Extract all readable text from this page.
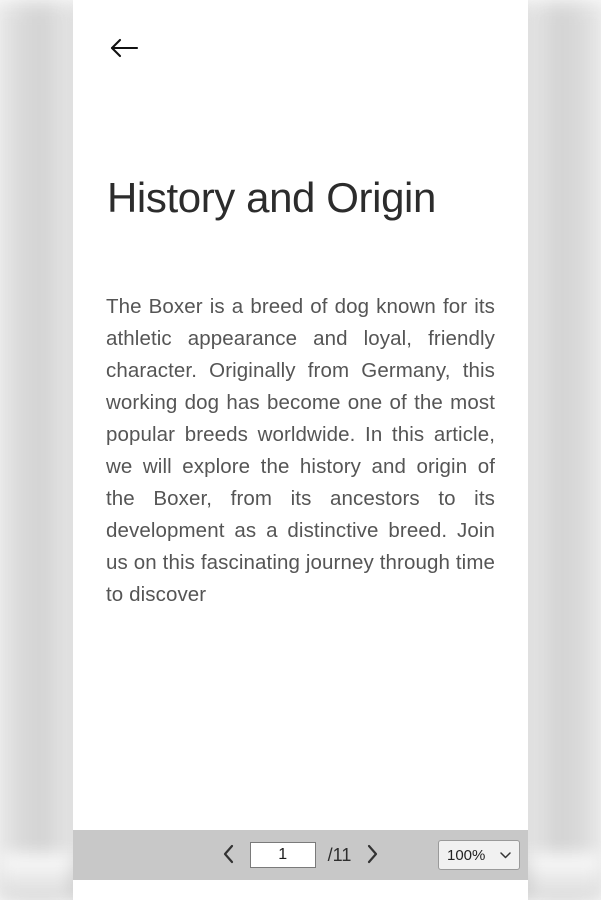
History and Origin

The Boxer is a breed of dog known for its athletic appearance and loyal, friendly character. Originally from Germany, this working dog has become one of the most popular breeds worldwide. In this article, we will explore the history and origin of the Boxer, from its ancestors to its development as a distinctive breed. Join us on this fascinating journey through time to discover

1
/11	100%
